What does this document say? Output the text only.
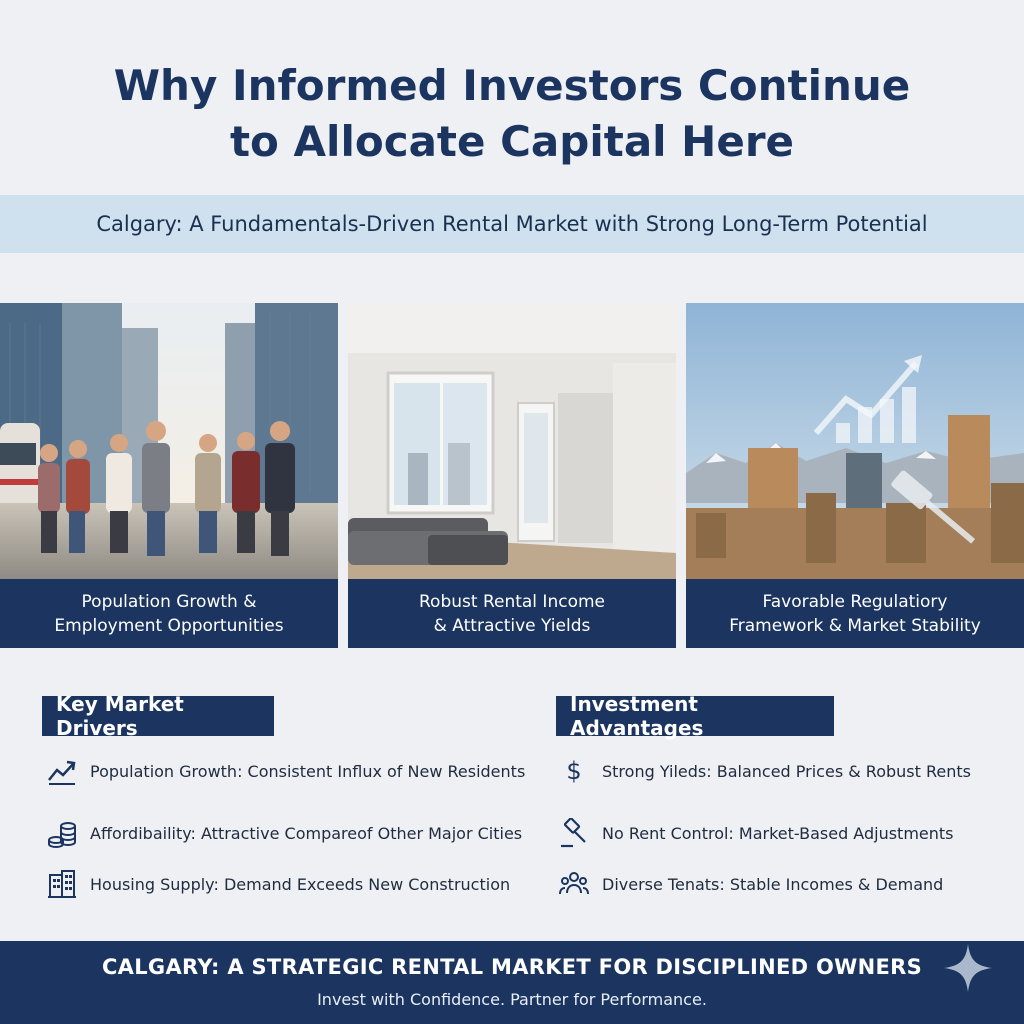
Why Informed Investors Continue
to Allocate Capital Here
Calgary: A Fundamentals-Driven Rental Market with Strong Long-Term Potential
Population Growth &
Employment Opportunities
Robust Rental Income
& Attractive Yields
Favorable Regulatiory
Framework & Market Stability
Key Market Drivers
Population Growth: Consistent Influx of New Residents
Affordibaility: Attractive Compareof Other Major Cities
Housing Supply: Demand Exceeds New Construction
Investment Advantages
$	Strong Yileds: Balanced Prices & Robust Rents
No Rent Control: Market-Based Adjustments
Diverse Tenats: Stable Incomes & Demand
CALGARY: A STRATEGIC RENTAL MARKET FOR DISCIPLINED OWNERS
Invest with Confidence. Partner for Performance.
